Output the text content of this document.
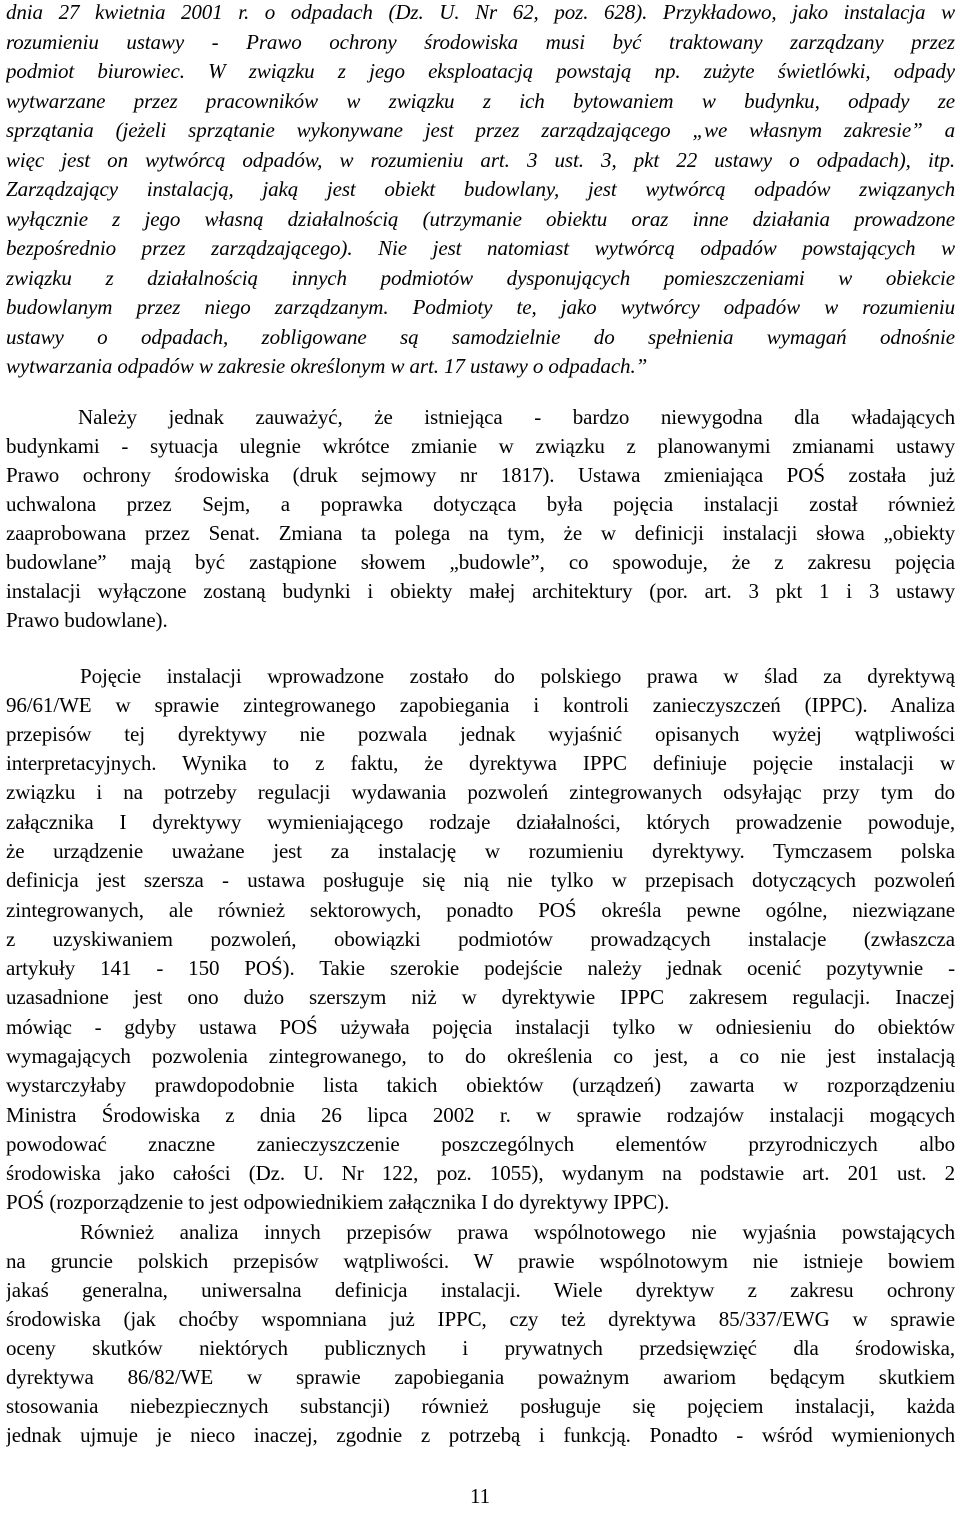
dnia 27 kwietnia 2001 r. o odpadach (Dz. U. Nr 62, poz. 628). Przykładowo, jako instalacja w
rozumieniu ustawy - Prawo ochrony środowiska musi być traktowany zarządzany przez
podmiot biurowiec. W związku z jego eksploatacją powstają np. zużyte świetlówki, odpady
wytwarzane przez pracowników w związku z ich bytowaniem w budynku, odpady ze
sprzątania (jeżeli sprzątanie wykonywane jest przez zarządzającego „we własnym zakresie” a
więc jest on wytwórcą odpadów, w rozumieniu art. 3 ust. 3, pkt 22 ustawy o odpadach), itp.
Zarządzający instalacją, jaką jest obiekt budowlany, jest wytwórcą odpadów związanych
wyłącznie z jego własną działalnością (utrzymanie obiektu oraz inne działania prowadzone
bezpośrednio przez zarządzającego). Nie jest natomiast wytwórcą odpadów powstających w
związku z działalnością innych podmiotów dysponujących pomieszczeniami w obiekcie
budowlanym przez niego zarządzanym. Podmioty te, jako wytwórcy odpadów w rozumieniu
ustawy o odpadach, zobligowane są samodzielnie do spełnienia wymagań odnośnie
wytwarzania odpadów w zakresie określonym w art. 17 ustawy o odpadach.”
Należy jednak zauważyć, że istniejąca - bardzo niewygodna dla władających
budynkami - sytuacja ulegnie wkrótce zmianie w związku z planowanymi zmianami ustawy
Prawo ochrony środowiska (druk sejmowy nr 1817). Ustawa zmieniająca POŚ została już
uchwalona przez Sejm, a poprawka dotycząca była pojęcia instalacji został również
zaaprobowana przez Senat. Zmiana ta polega na tym, że w definicji instalacji słowa „obiekty
budowlane” mają być zastąpione słowem „budowle”, co spowoduje, że z zakresu pojęcia
instalacji wyłączone zostaną budynki i obiekty małej architektury (por. art. 3 pkt 1 i 3 ustawy
Prawo budowlane).
Pojęcie instalacji wprowadzone zostało do polskiego prawa w ślad za dyrektywą
96/61/WE w sprawie zintegrowanego zapobiegania i kontroli zanieczyszczeń (IPPC). Analiza
przepisów tej dyrektywy nie pozwala jednak wyjaśnić opisanych wyżej wątpliwości
interpretacyjnych. Wynika to z faktu, że dyrektywa IPPC definiuje pojęcie instalacji w
związku i na potrzeby regulacji wydawania pozwoleń zintegrowanych odsyłając przy tym do
załącznika I dyrektywy wymieniającego rodzaje działalności, których prowadzenie powoduje,
że urządzenie uważane jest za instalację w rozumieniu dyrektywy. Tymczasem polska
definicja jest szersza - ustawa posługuje się nią nie tylko w przepisach dotyczących pozwoleń
zintegrowanych, ale również sektorowych, ponadto POŚ określa pewne ogólne, niezwiązane
z uzyskiwaniem pozwoleń, obowiązki podmiotów prowadzących instalacje (zwłaszcza
artykuły 141 - 150 POŚ). Takie szerokie podejście należy jednak ocenić pozytywnie -
uzasadnione jest ono dużo szerszym niż w dyrektywie IPPC zakresem regulacji. Inaczej
mówiąc - gdyby ustawa POŚ używała pojęcia instalacji tylko w odniesieniu do obiektów
wymagających pozwolenia zintegrowanego, to do określenia co jest, a co nie jest instalacją
wystarczyłaby prawdopodobnie lista takich obiektów (urządzeń) zawarta w rozporządzeniu
Ministra Środowiska z dnia 26 lipca 2002 r. w sprawie rodzajów instalacji mogących
powodować znaczne zanieczyszczenie poszczególnych elementów przyrodniczych albo
środowiska jako całości (Dz. U. Nr 122, poz. 1055), wydanym na podstawie art. 201 ust. 2
POŚ (rozporządzenie to jest odpowiednikiem załącznika I do dyrektywy IPPC).
Również analiza innych przepisów prawa wspólnotowego nie wyjaśnia powstających
na gruncie polskich przepisów wątpliwości. W prawie wspólnotowym nie istnieje bowiem
jakaś generalna, uniwersalna definicja instalacji. Wiele dyrektyw z zakresu ochrony
środowiska (jak choćby wspomniana już IPPC, czy też dyrektywa 85/337/EWG w sprawie
oceny skutków niektórych publicznych i prywatnych przedsięwzięć dla środowiska,
dyrektywa 86/82/WE w sprawie zapobiegania poważnym awariom będącym skutkiem
stosowania niebezpiecznych substancji) również posługuje się pojęciem instalacji, każda
jednak ujmuje je nieco inaczej, zgodnie z potrzebą i funkcją. Ponadto - wśród wymienionych
11
